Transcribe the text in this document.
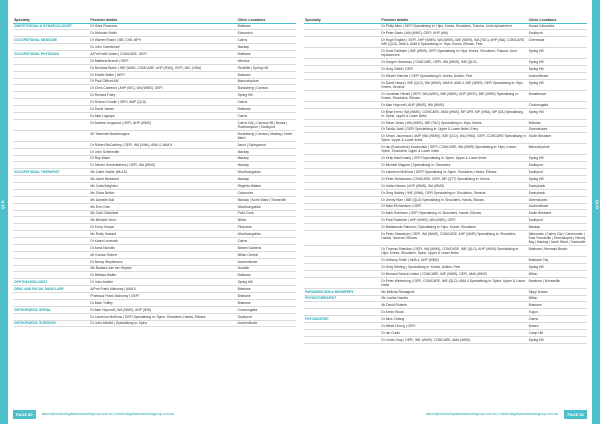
QLD	QLD
Specialty	Provider details	Clinic Locations
OBSTETRICIAN & GYNAECOLOGIST	Dr Giles Pearsons	Brisbane
	Dr Deborah Smith	Edmonton
OCCUPATIONAL MEDICINE	Dr Warren Rosier | MB, ChB, MPH	Cairns
	Dr John Carmichael	Mackay
OCCUPATIONAL PHYSICIAN	A/Prof Keith Adam | COMCARE, GEPI	Brisbane
	Dr Matthew Brandt | GEPI	Windsor
	Dr Nicholas Burke | IME (WMS, COMCARE, AHP (IEW)), GEPI, MIC (VWA)	Redcliffe | Spring Hill
	Dr Estelle Buller | GEPI	Brisbane
	Dr Paul Clifford AM	Maroochydore
	Dr Chris Cameron | AHP (WC), WA (WMS), GEPI	Bundaberg | Carrara
	Dr Richard Foley	Spring Hill
	Dr Sharon Goodie | GEPI, AMP (QLD)	Cairns
	Dr David James	Brisbane
	Dr Alan Lagoupe	Cairns
	Dr Andrew Lingwood | GEPI, AHP (WMS)	Cairns City | Carrara Hill | Noosa | Rockhampton | Southport
	Mr Tweende Macinburgers	Bundaberg | Carrara | Mackay | North Ward
	Dr Robert McCarthey | GEPI, WA (VWA), AMA 4, AMA 5	Ascot | Springwood
	Dr John Schmiedler	Mackay
	Dr Ray Wade	Mackay
	Dr Steven Somerstahers | GEPI, WA (WMS)	Mackay
OCCUPATIONAL THERAPIST	Ms Claire Sadler (MLAS)	Woolloongabba
	Ms Janet Bareshed	Mackay
	Ms Carla Beighten	Regents Waters
	Ms Olivia Britton	Caloundra
	Ms Danielle Bull	Mackay | North Ward | Townsville
	Ms Erin Chen	Woolloongabba
	Ms Cath Cleveland	Point Cook
	Ms Michelle Dent	Milton
	Dr Kerry Hooper	Pimpama
	Ms Emily Howard	Woolloongabba
	Dr Karen Leverack	Cairns
	Dr Anna Nicholls	Bowen Gardens
	Mr Gordon Robert	Milton Central
	Dr Nancy Stephenson	Auchenflower
	Ms Barbara Van der Heyden	Nundah
	Dr Melissa Walter	Brisbane
OPHTHALMOLOGIST	Dr John Ambler	Spring Hill
ORAL AND FACIAL MAXILLARY	A/Prof Frank Mahoney | AMA 5	Brisbane
	Professor Frank Mahoney | GEPI	Brisbane
	Dr Mark Tuffley	Brisbane
ORTHOPAEDIC SPINAL	Dr Alan Hopcroft | WA (WMS), AHP (IEW)	Cooloongatta
	Dr Laurence McElrow | GEPI Specialising in: Spine, Shoulders, Hands, Elbows	Southport
ORTHOPAEDIC SURGEON	Dr John Allsdell | Specialising in: Spine	Auchenflower
Specialty	Provider details	Clinic Locations
	Dr Philip Allen | GEPI Specialising in: Hips, Knees, Shoulders, Trauma, Joint replacement	Noosa Caloundra
	Dr Peter Davis | WA (WMS), GEPI, AHP (WA)	Southport
	Dr Hugh English | GEPI, AHP (WMS), WA (WMS), IME (WMS), WA (TAC), AHP (WA), COMCARE, IME (QLD), AMA 4, AMA 5 Specialising in: Hips, Knees, Elbows, Feet	Chermside
	Dr Scott Fairbairn | IME (WMS), GEPI Specialising in: Hips, Knees, Shoulders, Trauma, Joint replacement	Spring Hill
	Dr Gargeri Gamtuwa | COMCARE, GEPI, WA (WMS), IME (QLD)	Spring Hill
	Dr Greg Gillett | GEPI	Spring Hill
	Dr Steven Hatcher | GEPI Specialising in: Knees, Ankles, Feet	Auchenflower
	Dr David Hayes | IME (QLD), WA (WMS), AMA 5, AMA 4, IME (WMS), GEPI Specialising in: Hips, Knees, General	Spring Hill
	Dr Jonathan Herald | GEPI, WA (WMS), IME (WMS), AHP (WCR), IME (WMS) Specialising in: Knees, Shoulders, Elbows	Broadbeach
	Dr Alan Hopcroft | AHP (WMS), WA (WMS)	Cooloongatta
	Dr Brian Ivers | WA (WMS), COMCARE, AMA (WMS), MP, AP5, MP (VWA), MP (SA) Specialising in: Spine, Upper & Lower limbs	Spring Hill
	Dr Steve Jones | WA (WMS), IME (TAC) Specialising in: Hips, Knees	Bulimba
	Dr Tandjo Jwall | GEPI Specialising in: Upper & Lower limbs, Entry	Greenslopes
	Dr Simon Journeaux | AMP (WA (WMS)), IME (QLD), WA (VWA), GEPI, COMCARE Specialising in: Spine, Upper & Lower limbs	South Brisbane
	Dr Ian (Kuokochuk) Kuokochuk | GEPI, COMCARE, WA (WMS) Specialising in: Hips, Knees, Spine, Shoulders, Upper & Lower limbs	Maroochydore
	Dr Kelly MacGroarty | GEPI Specialising in: Spine, Upper & Lower limbs	Spring Hill
	Dr Michael Maguire | Specialising in: Shoulders	Southport
	Dr Laurence McElrow | GEPI Specialising in: Spine, Shoulders, Hands, Elbows	Southport
	Dr Peter McNamara | COMCARE, GEPI, MP (QTT) Specialising in: Knees	Spring Hill
	Dr Julian Nevers | AHP (WMS), WA (WMS)	Sunnybank
	Dr Greg Nottley | IME (VWA), GEPI Specialising in: Shoulders, General	Sunnybank
	Dr Jimmy Rian | IME (QLD) Specialising in: Shoulders, Hands, Elbows	Greenslopes
	Dr Mark Richardson | GEPI	Auchenflower
	Dr Mark Robinson | GEPI Specialising in: Shoulders, Hands, Elbows	South Brisbane
	Dr Paul Rodierice | AHP (WMS), WA (WMS), GEPI	Southport
	Dr Babakande Sabroso | Specialising in: Hips, Knees, Shoulders	Mackay
	Dr Peter Shanahan | GEPI, WA (WMS), COMCARE, AHP (WMS) Specialising in: Shoulders, Hands, General, Elbows	Aitkenvale | Cairns City | Cannonvale | East Townsville | Greenslopes | Hervey Bay | Mackay | North Ward | Townsville
	Dr Thomas Sheridan | GEPI, WA (WMS), COMCARE, IME (QLD), AHP (WMS) Specialising in: Hips, Knees, Shoulders, Spine, Upper & Lower limbs	Brisbane | Mermaid Beach
	Dr Anthony Smith | AMA 4, AHP (WMS)	Brisbane City
	Dr Greg Sterling | Specialising in: Knees, Ankles, Feet	Spring Hill
	Dr Bernard Szekui-Leiske | COMCARE, IME (WMS), GEPI, AMA (WMS)	Milton
	Dr Peter Winterburg | GEPI, COMCARE, IME (QLD), AMA 4 Specialising in: Spine, Upper & Lower limbs	Nambour | Noosaville
PARAMEDIC/EM & MIDWIFERY	Ms Belinda Ramagnoli	Sippy Downs
PHYSIOTHERAPIST	Ms Louise Harries	Milton
	Mr David Roberts	Brisbane
	Dr Annie Wood	Tugun
PSYCHIATRIST	Dr Alice Chiang	Cairns
	Dr Alfred Chung | GEPI	Bowen
	Dr Ian Curtis	Camp Hill
	Dr Curtis Gray | GEPI, IME (WMS), COMCARE, AMA (WMS)	Spring Hill
PAGE 80	admin@medicolegalassessmentsgroup.com.au | medicolegalassessmentsgroup.com.au	admin@medicolegalassessmentsgroup.com.au | medicolegalassessmentsgroup.com.au	PAGE 81
